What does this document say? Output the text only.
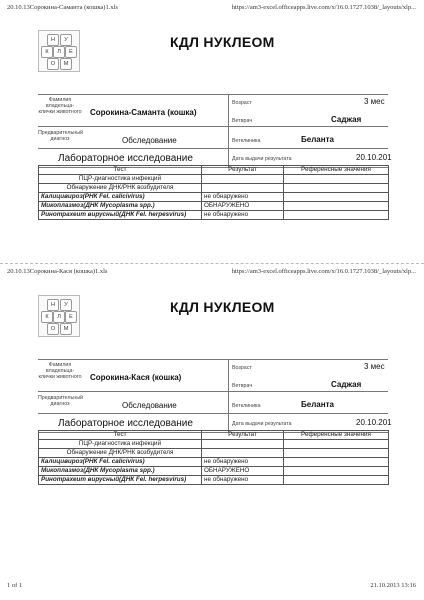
20.10.13Сорокина-Саманта (кошка)1.xls	https://am3-excel.officeapps.live.com/x/16.0.1727.1038/_layouts/xlp...
Н	У
К	Л	Е
О	М
КДЛ НУКЛЕОМ
Фамилия владельца-клички животного Сорокина-Саманта (кошка)
Возраст	3 мес
Ветврач	Саджая
Предварительный диагноз	Обследование	Ветклиника	Беланта
Лабораторное исследование	Дата выдачи результата	20.10.201
Тест	Результат	Референсные значения
ПЦР-диагностика инфекций		
Обнаружение ДНК/РНК возбудителя		
Калицивироз(РНК Fel. calicivirus)	не обнаружено	
Микоплазмоз(ДНК Mycoplasma spp.)	ОБНАРУЖЕНО	
Ринотрахеит вирусный(ДНК Fel. herpesvirus)	не обнаружено	
20.10.13Сорокина-Кася (кошка)1.xls	https://am3-excel.officeapps.live.com/x/16.0.1727.1038/_layouts/xlp...
Н	У
К	Л	Е
О	М
КДЛ НУКЛЕОМ
Фамилия владельца-клички животного Сорокина-Кася (кошка)
Возраст	3 мес
Ветврач	Саджая
Предварительный диагноз	Обследование	Ветклиника	Беланта
Лабораторное исследование	Дата выдачи результата	20.10.201
Тест	Результат	Референсные значения
ПЦР-диагностика инфекций		
Обнаружение ДНК/РНК возбудителя		
Калицивироз(РНК Fel. calicivirus)	не обнаружено	
Микоплазмоз(ДНК Mycoplasma spp.)	ОБНАРУЖЕНО	
Ринотрахеит вирусный(ДНК Fel. herpesvirus)	не обнаружено	
1 of 1	21.10.2013 13:16
